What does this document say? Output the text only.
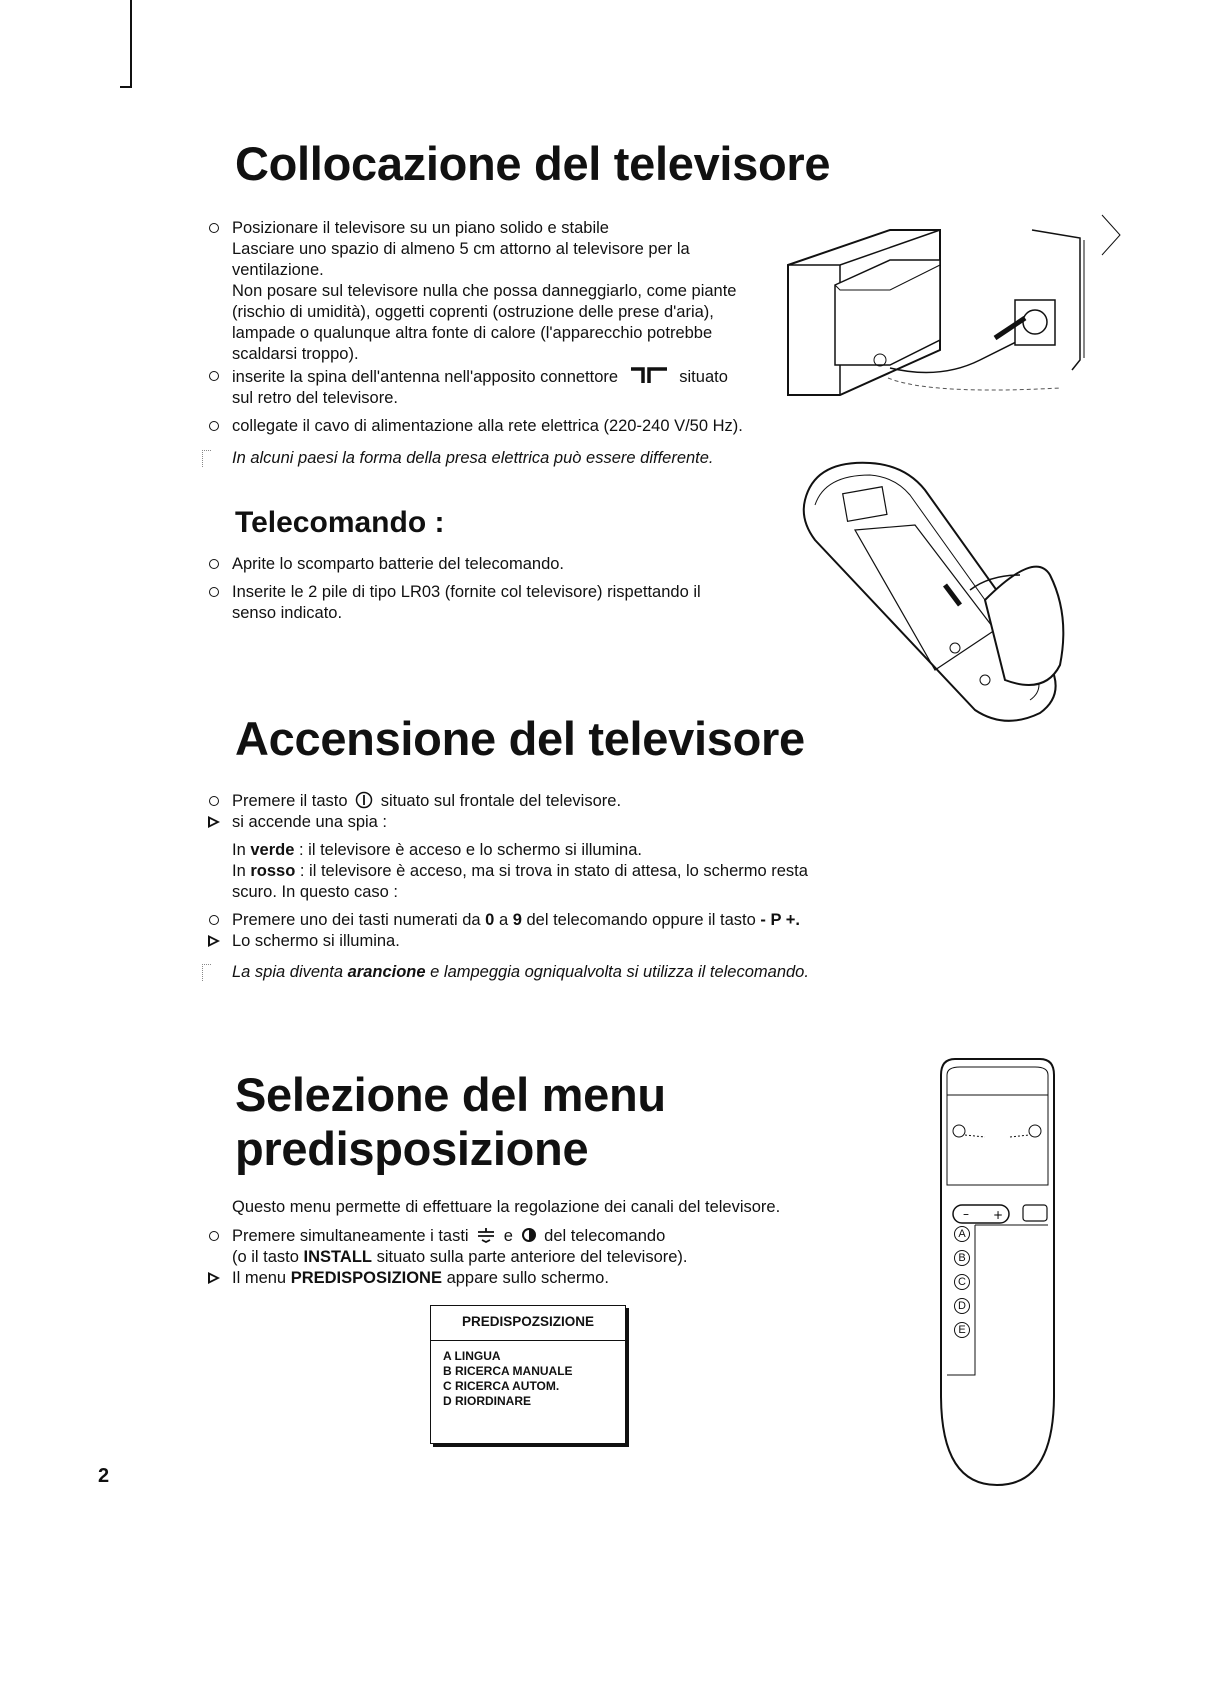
Collocazione del televisore
Posizionare il televisore su un piano solido e stabile
Lasciare uno spazio di almeno 5 cm attorno al televisore per la
ventilazione.
Non posare sul televisore nulla che possa danneggiarlo, come piante
(rischio di umidità), oggetti coprenti (ostruzione delle prese d'aria),
lampade o qualunque altra fonte di calore (l'apparecchio potrebbe
scaldarsi troppo).
inserite la spina dell'antenna nell'apposito connettore	situato
sul retro del televisore.
collegate il cavo di alimentazione alla rete elettrica (220-240 V/50 Hz).
In alcuni paesi la forma della presa elettrica può essere differente.
Telecomando :
Aprite lo scomparto batterie del telecomando.
Inserite le 2 pile di tipo LR03 (fornite col televisore) rispettando il
senso indicato.
Accensione del televisore
Premere il tasto situato sul frontale del televisore.
si accende una spia :
In verde : il televisore è acceso e lo schermo si illumina.
In rosso : il televisore è acceso, ma si trova in stato di attesa, lo schermo resta
scuro. In questo caso :
Premere uno dei tasti numerati da 0 a 9 del telecomando oppure il tasto - P +.
Lo schermo si illumina.
La spia diventa arancione e lampeggia ogniqualvolta si utilizza il telecomando.
Selezione del menu
predisposizione
Questo menu permette di effettuare la regolazione dei canali del televisore.
Premere simultaneamente i tasti e del telecomando
(o il tasto INSTALL situato sulla parte anteriore del televisore).
Il menu PREDISPOSIZIONE appare sullo schermo.
PREDISPOZSIZIONE
A LINGUA
B RICERCA MANUALE
C RICERCA AUTOM.
D RIORDINARE
– +
A
B
C
D
E
2
